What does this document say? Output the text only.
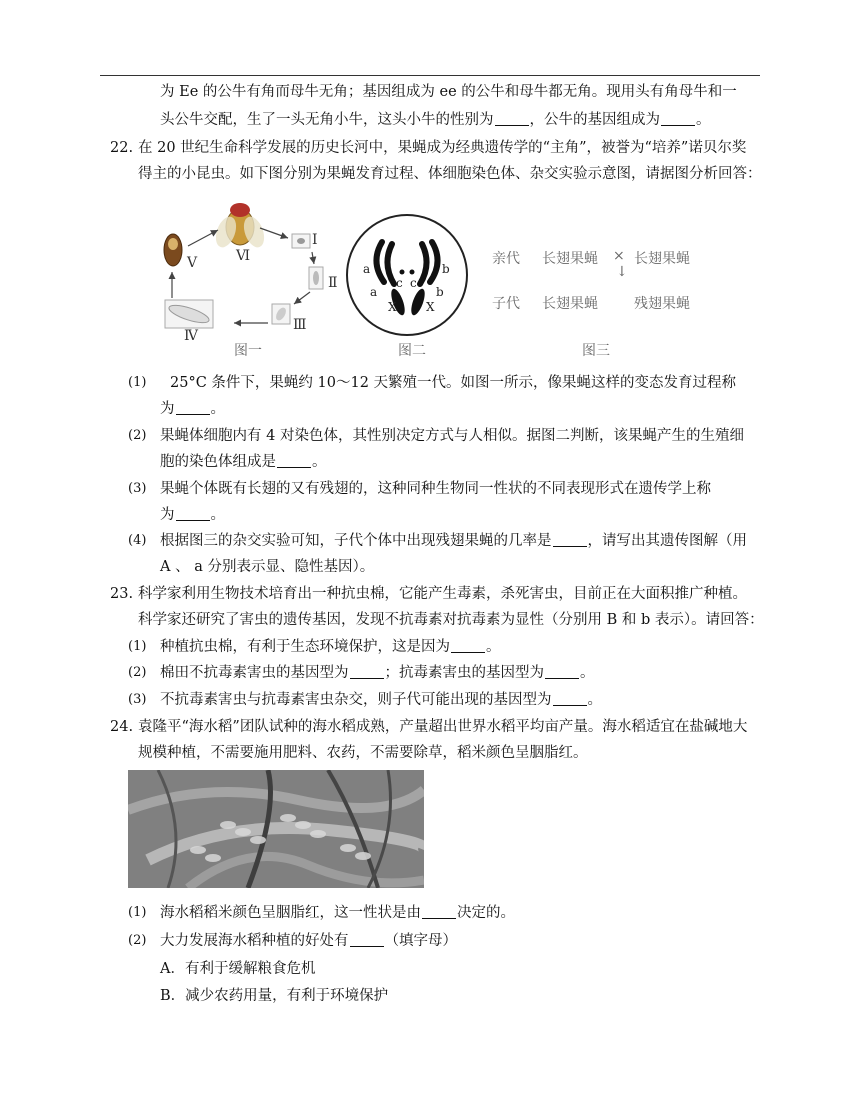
为 Ee 的公牛有角而母牛无角；基因组成为 ee 的公牛和母牛都无角。现用头有角母牛和一
头公牛交配，生了一头无角小牛，这头小牛的性别为 ，公牛的基因组成为 。
22. 在 20 世纪生命科学发展的历史长河中，果蝇成为经典遗传学的“主角”，被誉为“培养”诺贝尔奖
得主的小昆虫。如下图分别为果蝇发育过程、体细胞染色体、杂交实验示意图，请据图分析回答：
Ⅰ
Ⅱ
Ⅲ
Ⅳ
Ⅴ	Ⅵ
a
a
c c
b
b
X X
亲代 长翅果蝇 × 长翅果蝇
↓
子代 长翅果蝇	残翅果蝇
图一	图二	图三
(1) 25°C 条件下，果蝇约 10～12 天繁殖一代。如图一所示，像果蝇这样的变态发育过程称
为 。
(2) 果蝇体细胞内有 4 对染色体，其性别决定方式与人相似。据图二判断，该果蝇产生的生殖细
胞的染色体组成是 。
(3) 果蝇个体既有长翅的又有残翅的，这种同种生物同一性状的不同表现形式在遗传学上称
为 。
(4) 根据图三的杂交实验可知，子代个体中出现残翅果蝇的几率是 ，请写出其遗传图解（用
A 、 a 分别表示显、隐性基因）。
23. 科学家利用生物技术培育出一种抗虫棉，它能产生毒素，杀死害虫，目前正在大面积推广种植。
科学家还研究了害虫的遗传基因，发现不抗毒素对抗毒素为显性（分别用 B 和 b 表示）。请回答：
(1) 种植抗虫棉，有利于生态环境保护，这是因为 。
(2) 棉田不抗毒素害虫的基因型为 ；抗毒素害虫的基因型为 。
(3) 不抗毒素害虫与抗毒素害虫杂交，则子代可能出现的基因型为 。
24. 袁隆平“海水稻”团队试种的海水稻成熟，产量超出世界水稻平均亩产量。海水稻适宜在盐碱地大
规模种植，不需要施用肥料、农药，不需要除草，稻米颜色呈胭脂红。
(1) 海水稻稻米颜色呈胭脂红，这一性状是由 决定的。
(2) 大力发展海水稻种植的好处有 （填字母）
A．有利于缓解粮食危机
B．减少农药用量，有利于环境保护
